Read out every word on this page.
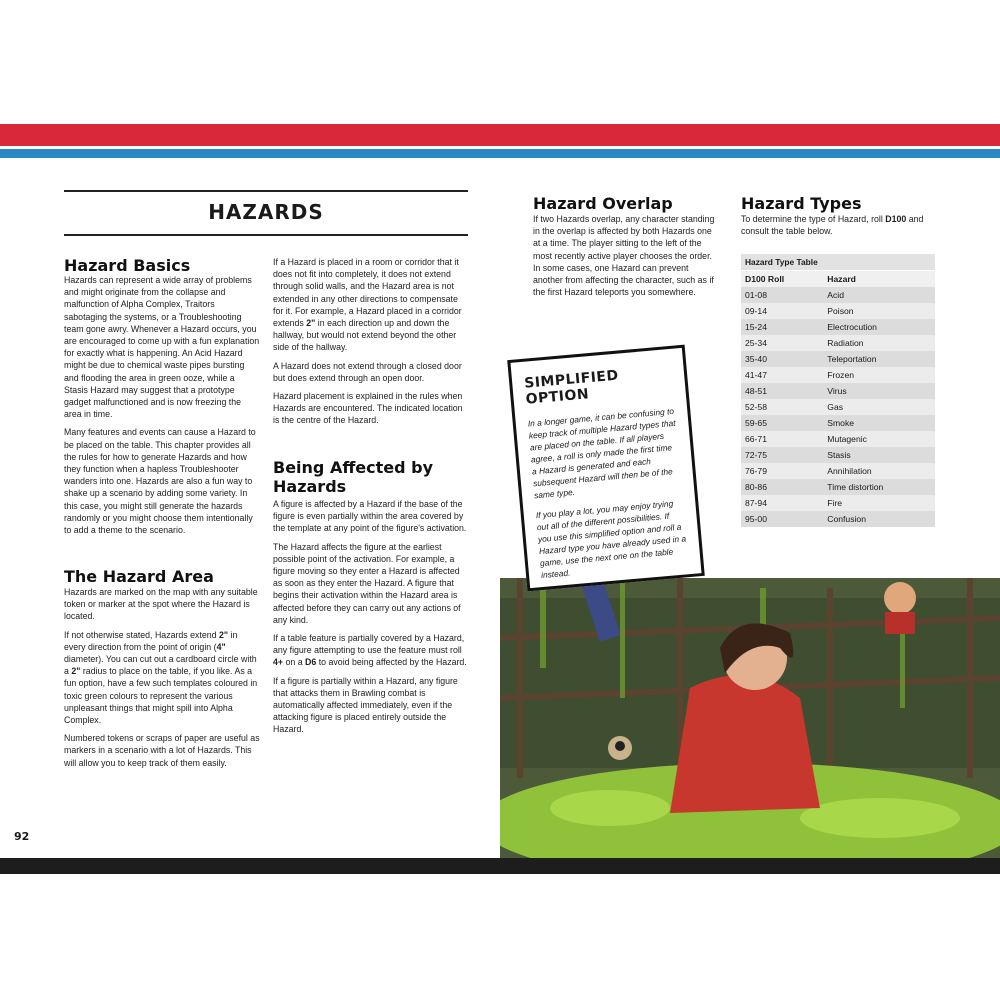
HAZARDS
Hazard Basics

Hazards can represent a wide array of problems and might originate from the collapse and malfunction of Alpha Complex, Traitors sabotaging the systems, or a Troubleshooting team gone awry. Whenever a Hazard occurs, you are encouraged to come up with a fun explanation for exactly what is happening. An Acid Hazard might be due to chemical waste pipes bursting and flooding the area in green ooze, while a Stasis Hazard may suggest that a prototype gadget malfunctioned and is now freezing the area in time.

Many features and events can cause a Hazard to be placed on the table. This chapter provides all the rules for how to generate Hazards and how they function when a hapless Troubleshooter wanders into one. Hazards are also a fun way to shake up a scenario by adding some variety. In this case, you might still generate the hazards randomly or you might choose them intentionally to add a theme to the scenario.

The Hazard Area

Hazards are marked on the map with any suitable token or marker at the spot where the Hazard is located.

If not otherwise stated, Hazards extend 2" in every direction from the point of origin (4" diameter). You can cut out a cardboard circle with a 2" radius to place on the table, if you like. As a fun option, have a few such templates coloured in toxic green colours to represent the various unpleasant things that might spill into Alpha Complex.

Numbered tokens or scraps of paper are useful as markers in a scenario with a lot of Hazards. This will allow you to keep track of them easily.

If a Hazard is placed in a room or corridor that it does not fit into completely, it does not extend through solid walls, and the Hazard area is not extended in any other directions to compensate for it. For example, a Hazard placed in a corridor extends 2" in each direction up and down the hallway, but would not extend beyond the other side of the hallway.

A Hazard does not extend through a closed door but does extend through an open door.

Hazard placement is explained in the rules when Hazards are encountered. The indicated location is the centre of the Hazard.

Being Affected by Hazards

A figure is affected by a Hazard if the base of the figure is even partially within the area covered by the template at any point of the figure's activation.

The Hazard affects the figure at the earliest possible point of the activation. For example, a figure moving so they enter a Hazard is affected as soon as they enter the Hazard. A figure that begins their activation within the Hazard area is affected before they can carry out any actions of any kind.

If a table feature is partially covered by a Hazard, any figure attempting to use the feature must roll 4+ on a D6 to avoid being affected by the Hazard.

If a figure is partially within a Hazard, any figure that attacks them in Brawling combat is automatically affected immediately, even if the attacking figure is placed entirely outside the Hazard.

Hazard Overlap

If two Hazards overlap, any character standing in the overlap is affected by both Hazards one at a time. The player sitting to the left of the most recently active player chooses the order. In some cases, one Hazard can prevent another from affecting the character, such as if the first Hazard teleports you somewhere.

Hazard Types

To determine the type of Hazard, roll D100 and consult the table below.

Hazard Type Table
D100 Roll	Hazard
01-08	Acid
09-14	Poison
15-24	Electrocution
25-34	Radiation
35-40	Teleportation
41-47	Frozen
48-51	Virus
52-58	Gas
59-65	Smoke
66-71	Mutagenic
72-75	Stasis
76-79	Annihilation
80-86	Time distortion
87-94	Fire
95-00	Confusion
SIMPLIFIED OPTION

In a longer game, it can be confusing to keep track of multiple Hazard types that are placed on the table. If all players agree, a roll is only made the first time a Hazard is generated and each subsequent Hazard will then be of the same type.

If you play a lot, you may enjoy trying out all of the different possibilities. If you use this simplified option and roll a Hazard type you have already used in a game, use the next one on the table instead.

92
